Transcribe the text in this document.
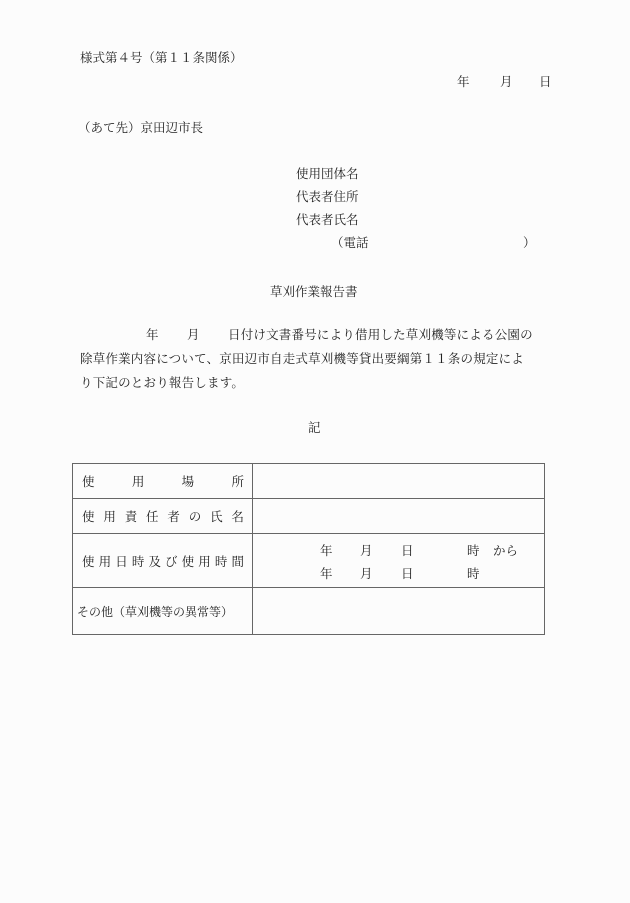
様式第４号（第１１条関係）
年 月 日
（あて先）京田辺市長
使用団体名
代表者住所
代表者氏名
（電話	）
草刈作業報告書
年 月 日付け文書番号により借用した草刈機等による公園の
除草作業内容について、京田辺市自走式草刈機等貸出要綱第１１条の規定によ
り下記のとおり報告します。
記
使 用 場 所	

使 用 責 任 者 の 氏 名

使 用 日 時 及 び 使 用 時 間

年 月 日	時 から
年 月 日	時

その他（草刈機等の異常等）	
